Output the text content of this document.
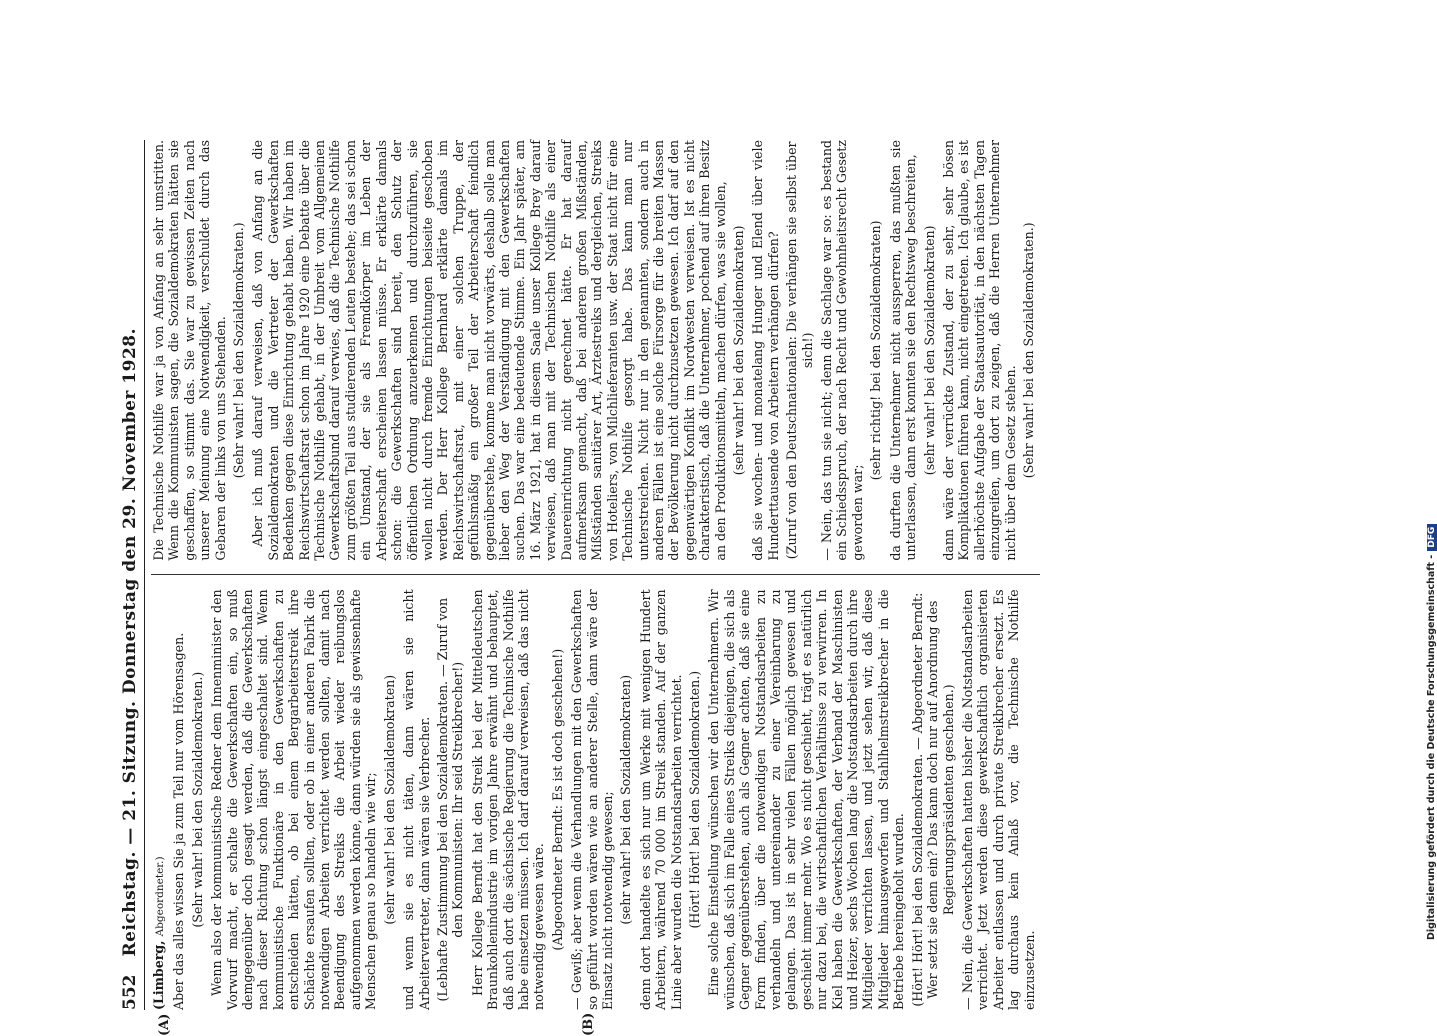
552
Reichstag. — 21. Sitzung. Donnerstag den 29. November 1928.

(Limberg, Abgeordneter.) Aber das alles wissen Sie ja zum Teil nur vom Hörensagen. (Sehr wahr! bei den Sozialdemokraten.) Wenn also der kommunistische Redner dem Innenminister den Vorwurf macht, er schalte die Gewerkschaften ein, so muß demgegenüber doch gesagt werden, daß die Gewerkschaften nach dieser Richtung schon längst eingeschaltet sind. Wenn kommunistische Funktionäre in den Gewerkschaften zu entscheiden hätten, ob bei einem Bergarbeiterstreik ihre Schächte ersaufen sollten, oder ob in einer anderen Fabrik die notwendigen Arbeiten verrichtet werden sollten, damit nach Beendigung des Streiks die Arbeit wieder reibungslos aufgenommen werden könne, dann würden sie als gewissenhafte Menschen genau so handeln wie wir; (sehr wahr! bei den Sozialdemokraten) und wenn sie es nicht täten, dann wären sie nicht Arbeitervertreter, dann wären sie Verbrecher. (Lebhafte Zustimmung bei den Sozialdemokraten. — Zuruf von den Kommunisten: Ihr seid Streikbrecher!) Herr Kollege Berndt hat den Streik bei der Mitteldeutschen Braunkohlenindustrie im vorigen Jahre erwähnt und behauptet, daß auch dort die sächsische Regierung die Technische Nothilfe habe einsetzen müssen. Ich darf darauf verweisen, daß das nicht notwendig gewesen wäre. (Abgeordneter Berndt: Es ist doch geschehen!) — Gewiß; aber wenn die Verhandlungen mit den Gewerkschaften so geführt worden wären wie an anderer Stelle, dann wäre der Einsatz nicht notwendig gewesen; (sehr wahr! bei den Sozialdemokraten) denn dort handelte es sich nur um Werke mit wenigen Hundert Arbeitern, während 70 000 im Streik standen. Auf der ganzen Linie aber wurden die Notstandsarbeiten verrichtet. (Hört! Hört! bei den Sozialdemokraten.) Eine solche Einstellung wünschen wir den Unternehmern. Wir wünschen, daß sich im Falle eines Streiks diejenigen, die sich als Gegner gegenüberstehen, auch als Gegner achten, daß sie eine Form finden, über die notwendigen Notstandsarbeiten zu verhandeln und untereinander zu einer Vereinbarung zu gelangen. Das ist in sehr vielen Fällen möglich gewesen und geschieht immer mehr. Wo es nicht geschieht, trägt es natürlich nur dazu bei, die wirtschaftlichen Verhältnisse zu verwirren. In Kiel haben die Gewerkschaften, der Verband der Maschinisten und Heizer, sechs Wochen lang die Notstandsarbeiten durch ihre Mitglieder verrichten lassen, und jetzt sehen wir, daß diese Mitglieder hinausgeworfen und Stahlhelmstreikbrecher in die Betriebe hereingeholt wurden. (Hört! Hört! bei den Sozialdemokraten. — Abgeordneter Berndt: Wer setzt sie denn ein? Das kann doch nur auf Anordnung des Regierungspräsidenten geschehen.) — Nein, die Gewerkschaften hatten bisher die Notstandsarbeiten verrichtet. Jetzt werden diese gewerkschaftlich organisierten Arbeiter entlassen und durch private Streikbrecher ersetzt. Es lag durchaus kein Anlaß vor, die Technische Nothilfe einzusetzen.

Die Technische Nothilfe war ja von Anfang an sehr umstritten. Wenn die Kommunisten sagen, die Sozialdemokraten hätten sie geschaffen, so stimmt das. Sie war zu gewissen Zeiten nach unserer Meinung eine Notwendigkeit, verschuldet durch das Gebaren der links von uns Stehenden. (Sehr wahr! bei den Sozialdemokraten.) Aber ich muß darauf verweisen, daß von Anfang an die Sozialdemokraten und die Vertreter der Gewerkschaften Bedenken gegen diese Einrichtung gehabt haben. Wir haben im Reichswirtschaftsrat schon im Jahre 1920 eine Debatte über die Technische Nothilfe gehabt, in der Umbreit vom Allgemeinen Gewerkschaftsbund darauf verwies, daß die Technische Nothilfe zum größten Teil aus studierenden Leuten bestehe; das sei schon ein Umstand, der sie als Fremdkörper im Leben der Arbeiterschaft erscheinen lassen müsse. Er erklärte damals schon: die Gewerkschaften sind bereit, den Schutz der öffentlichen Ordnung anzuerkennen und durchzuführen, sie wollen nicht durch fremde Einrichtungen beiseite geschoben werden. Der Herr Kollege Bernhard erklärte damals im Reichswirtschaftsrat, mit einer solchen Truppe, der gefühlsmäßig ein großer Teil der Arbeiterschaft feindlich gegenüberstehe, komme man nicht vorwärts, deshalb solle man lieber den Weg der Verständigung mit den Gewerkschaften suchen. Das war eine bedeutende Stimme. Ein Jahr später, am 16. März 1921, hat in diesem Saale unser Kollege Brey darauf verwiesen, daß man mit der Technischen Nothilfe als einer Dauereinrichtung nicht gerechnet hätte. Er hat darauf aufmerksam gemacht, daß bei anderen großen Mißständen, Mißständen sanitärer Art, Ärztestreiks und dergleichen, Streiks von Hoteliers, von Milchlieferanten usw. der Staat nicht für eine Technische Nothilfe gesorgt habe. Das kann man nur unterstreichen. Nicht nur in den genannten, sondern auch in anderen Fällen ist eine solche Fürsorge für die breiten Massen der Bevölkerung nicht durchzusetzen gewesen. Ich darf auf den gegenwärtigen Konflikt im Nordwesten verweisen. Ist es nicht charakteristisch, daß die Unternehmer, pochend auf ihren Besitz an den Produktionsmitteln, machen dürfen, was sie wollen, (sehr wahr! bei den Sozialdemokraten) daß sie wochen- und monatelang Hunger und Elend über viele Hunderttausende von Arbeitern verhängen dürfen? (Zuruf von den Deutschnationalen: Die verhängen sie selbst über sich!) — Nein, das tun sie nicht; denn die Sachlage war so: es bestand ein Schiedsspruch, der nach Recht und Gewohnheitsrecht Gesetz geworden war;

(sehr richtig! bei den Sozialdemokraten) da durften die Unternehmer nicht aussperren, das mußten sie unterlassen, dann erst konnten sie den Rechtsweg beschreiten, (sehr wahr! bei den Sozialdemokraten) dann wäre der verrückte Zustand, der zu sehr, sehr bösen Komplikationen führen kann, nicht eingetreten. Ich glaube, es ist allerhöchste Aufgabe der Staatsautorität, in den nächsten Tagen einzugreifen, um dort zu zeigen, daß die Herren Unternehmer nicht über dem Gesetz stehen. (Sehr wahr! bei den Sozialdemokraten.)

(A)	(B)
Digitalisierung gefördert durch die Deutsche Forschungsgemeinschaft -DFG
